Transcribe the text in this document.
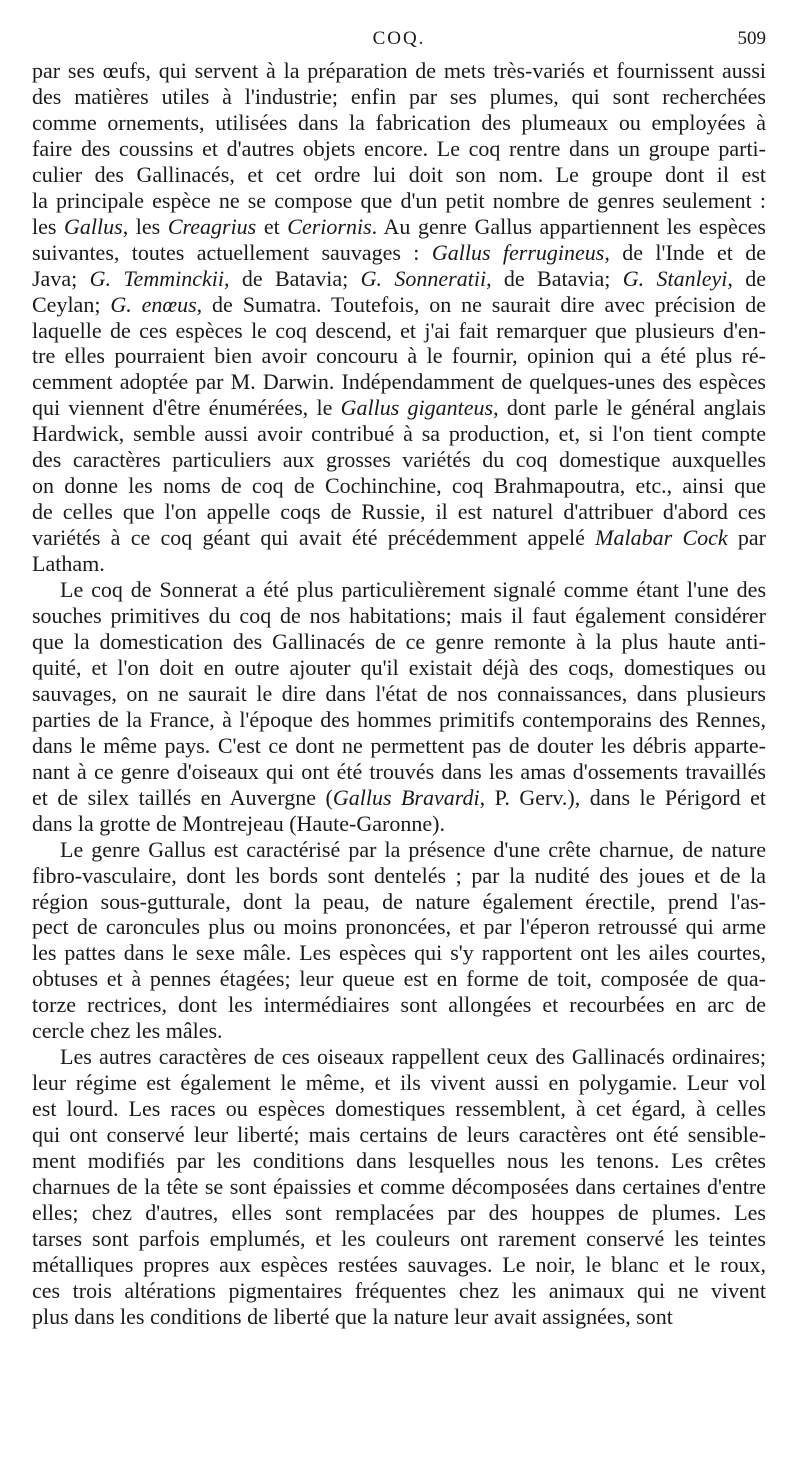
COQ.	509

par ses œufs, qui servent à la préparation de mets très-variés et fournissent aussi
des matières utiles à l'industrie; enfin par ses plumes, qui sont recherchées
comme ornements, utilisées dans la fabrication des plumeaux ou employées à
faire des coussins et d'autres objets encore. Le coq rentre dans un groupe parti-
culier des Gallinacés, et cet ordre lui doit son nom. Le groupe dont il est
la principale espèce ne se compose que d'un petit nombre de genres seulement :
les Gallus, les Creagrius et Ceriornis. Au genre Gallus appartiennent les espèces
suivantes, toutes actuellement sauvages : Gallus ferrugineus, de l'Inde et de
Java; G. Temminckii, de Batavia; G. Sonneratii, de Batavia; G. Stanleyi, de
Ceylan; G. enœus, de Sumatra. Toutefois, on ne saurait dire avec précision de
laquelle de ces espèces le coq descend, et j'ai fait remarquer que plusieurs d'en-
tre elles pourraient bien avoir concouru à le fournir, opinion qui a été plus ré-
cemment adoptée par M. Darwin. Indépendamment de quelques-unes des espèces
qui viennent d'être énumérées, le Gallus giganteus, dont parle le général anglais
Hardwick, semble aussi avoir contribué à sa production, et, si l'on tient compte
des caractères particuliers aux grosses variétés du coq domestique auxquelles
on donne les noms de coq de Cochinchine, coq Brahmapoutra, etc., ainsi que
de celles que l'on appelle coqs de Russie, il est naturel d'attribuer d'abord ces
variétés à ce coq géant qui avait été précédemment appelé Malabar Cock par
Latham.

Le coq de Sonnerat a été plus particulièrement signalé comme étant l'une des
souches primitives du coq de nos habitations; mais il faut également considérer
que la domestication des Gallinacés de ce genre remonte à la plus haute anti-
quité, et l'on doit en outre ajouter qu'il existait déjà des coqs, domestiques ou
sauvages, on ne saurait le dire dans l'état de nos connaissances, dans plusieurs
parties de la France, à l'époque des hommes primitifs contemporains des Rennes,
dans le même pays. C'est ce dont ne permettent pas de douter les débris apparte-
nant à ce genre d'oiseaux qui ont été trouvés dans les amas d'ossements travaillés
et de silex taillés en Auvergne (Gallus Bravardi, P. Gerv.), dans le Périgord et
dans la grotte de Montrejeau (Haute-Garonne).

Le genre Gallus est caractérisé par la présence d'une crête charnue, de nature
fibro-vasculaire, dont les bords sont dentelés ; par la nudité des joues et de la
région sous-gutturale, dont la peau, de nature également érectile, prend l'as-
pect de caroncules plus ou moins prononcées, et par l'éperon retroussé qui arme
les pattes dans le sexe mâle. Les espèces qui s'y rapportent ont les ailes courtes,
obtuses et à pennes étagées; leur queue est en forme de toit, composée de qua-
torze rectrices, dont les intermédiaires sont allongées et recourbées en arc de
cercle chez les mâles.

Les autres caractères de ces oiseaux rappellent ceux des Gallinacés ordinaires;
leur régime est également le même, et ils vivent aussi en polygamie. Leur vol
est lourd. Les races ou espèces domestiques ressemblent, à cet égard, à celles
qui ont conservé leur liberté; mais certains de leurs caractères ont été sensible-
ment modifiés par les conditions dans lesquelles nous les tenons. Les crêtes
charnues de la tête se sont épaissies et comme décomposées dans certaines d'entre
elles; chez d'autres, elles sont remplacées par des houppes de plumes. Les
tarses sont parfois emplumés, et les couleurs ont rarement conservé les teintes
métalliques propres aux espèces restées sauvages. Le noir, le blanc et le roux,
ces trois altérations pigmentaires fréquentes chez les animaux qui ne vivent
plus dans les conditions de liberté que la nature leur avait assignées, sont
